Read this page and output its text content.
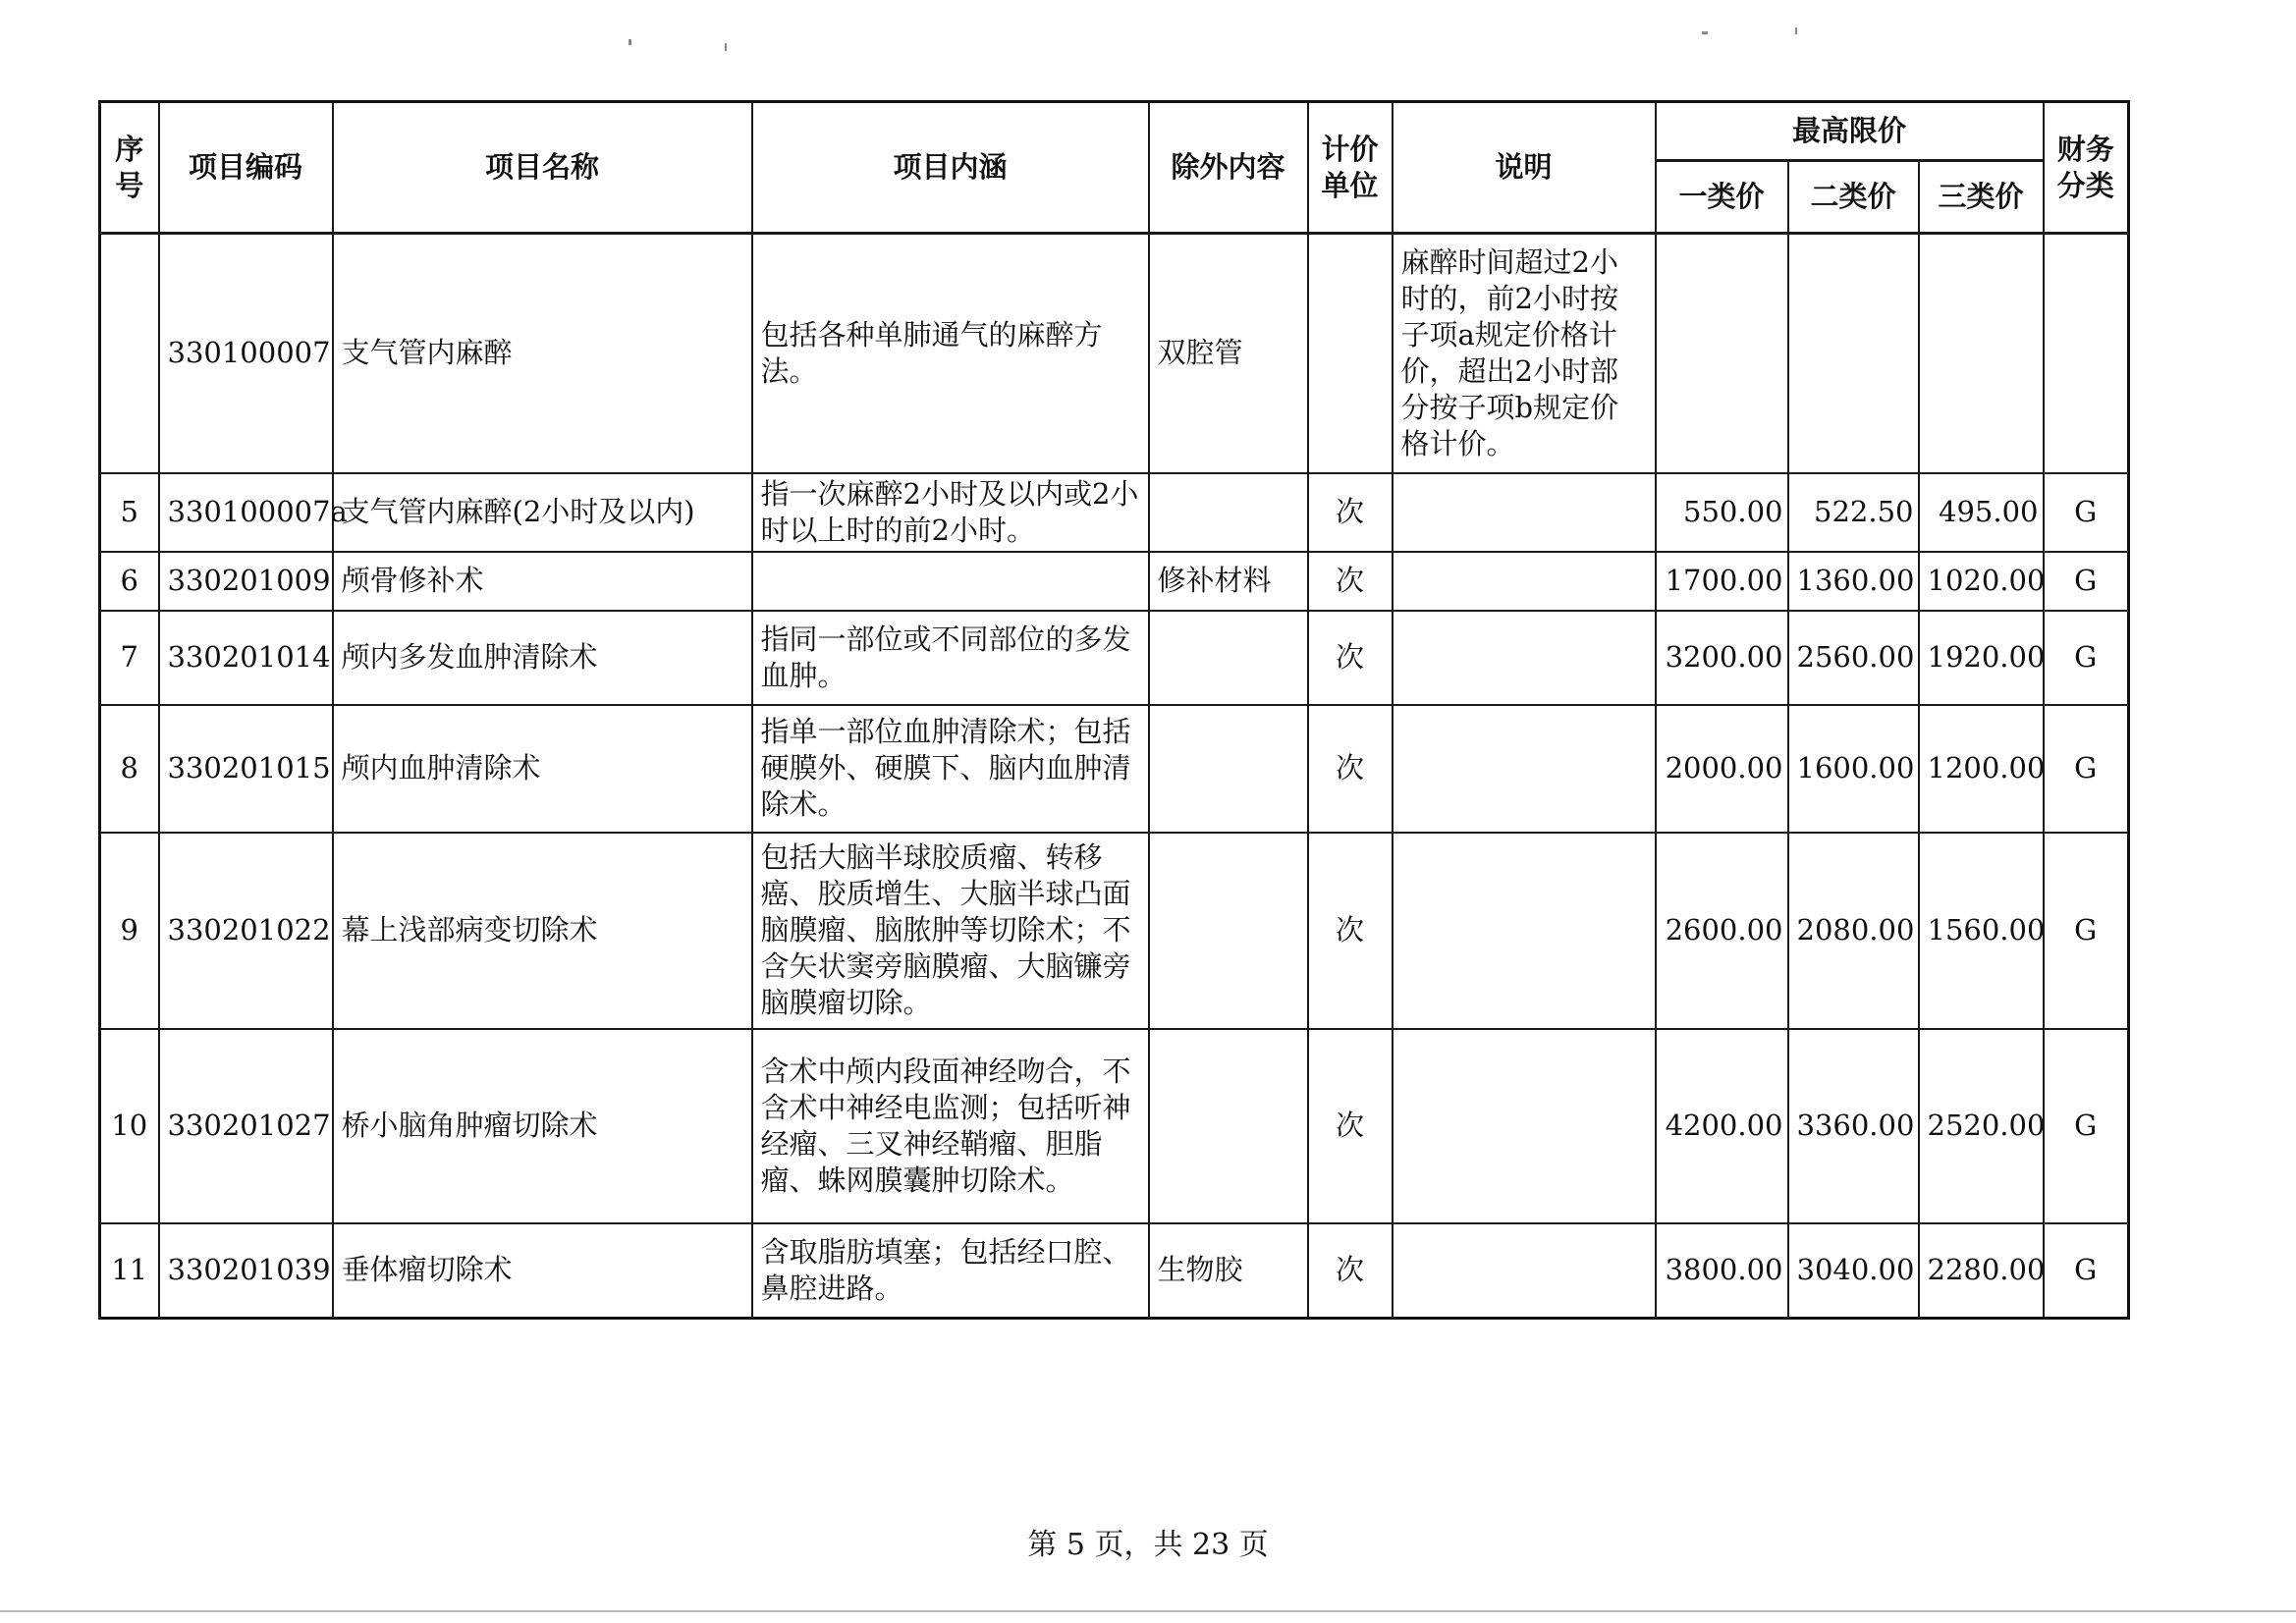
序号	项目编码	项目名称	项目内涵	除外内容	计价单位	说明	最高限价			财务分类
							一类价	二类价	三类价	
	330100007	支气管内麻醉	包括各种单肺通气的麻醉方法。	双腔管		麻醉时间超过2小时的，前2小时按子项a规定价格计价，超出2小时部分按子项b规定价格计价。				
5	330100007a	支气管内麻醉(2小时及以内)	指一次麻醉2小时及以内或2小时以上时的前2小时。		次		550.00	522.50	495.00	G
6	330201009	颅骨修补术		修补材料	次		1700.00	1360.00	1020.00	G
7	330201014	颅内多发血肿清除术	指同一部位或不同部位的多发血肿。		次		3200.00	2560.00	1920.00	G
8	330201015	颅内血肿清除术	指单一部位血肿清除术；包括硬膜外、硬膜下、脑内血肿清除术。		次		2000.00	1600.00	1200.00	G
9	330201022	幕上浅部病变切除术	包括大脑半球胶质瘤、转移癌、胶质增生、大脑半球凸面脑膜瘤、脑脓肿等切除术；不含矢状窦旁脑膜瘤、大脑镰旁脑膜瘤切除。		次		2600.00	2080.00	1560.00	G
10	330201027	桥小脑角肿瘤切除术	含术中颅内段面神经吻合，不含术中神经电监测；包括听神经瘤、三叉神经鞘瘤、胆脂瘤、蛛网膜囊肿切除术。		次		4200.00	3360.00	2520.00	G
11	330201039	垂体瘤切除术	含取脂肪填塞；包括经口腔、鼻腔进路。	生物胶	次		3800.00	3040.00	2280.00	G
第 5 页，共 23 页
